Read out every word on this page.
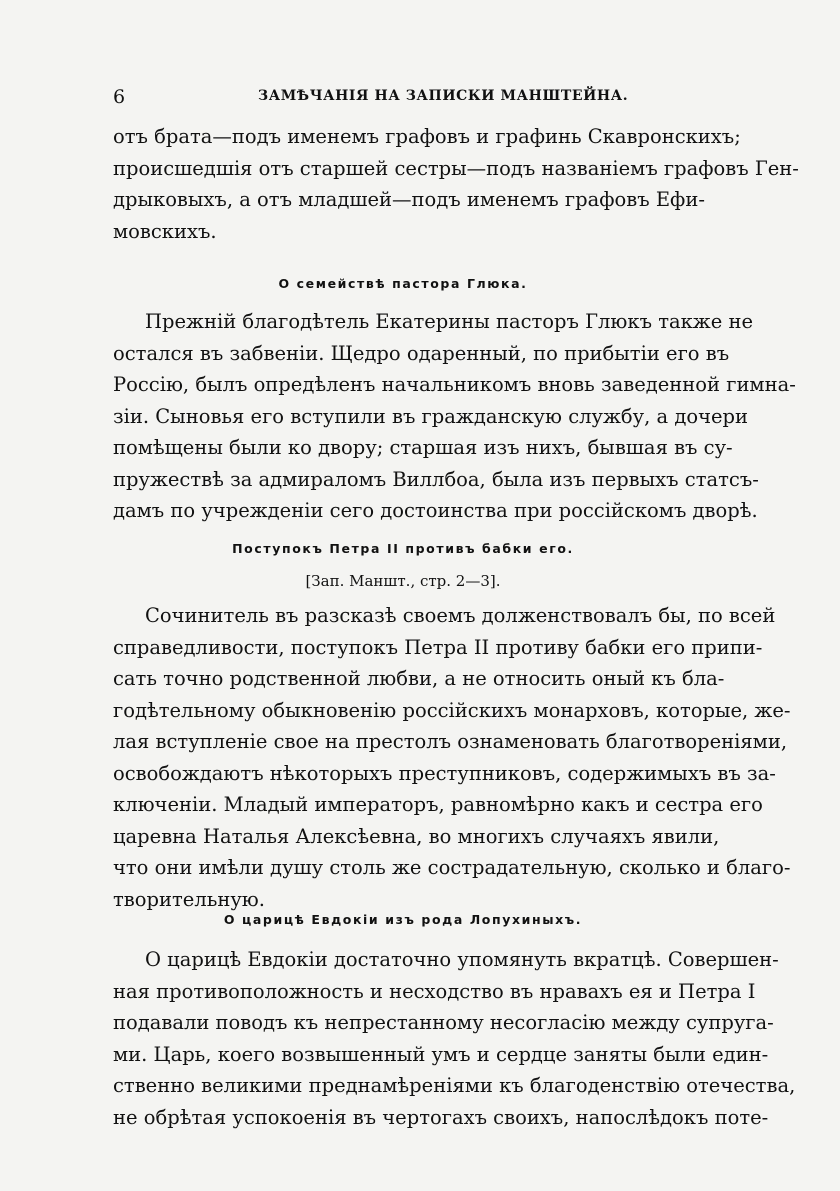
6	ЗАМѢЧАНІЯ НА ЗАПИСКИ МАНШТЕЙНА.
отъ брата—подъ именемъ графовъ и графинь Скавронскихъ;
происшедшія отъ старшей сестры—подъ названіемъ графовъ Ген-
дрыковыхъ, а отъ младшей—подъ именемъ графовъ Ефи-
мовскихъ.
О семействѣ пастора Глюка.
Прежній благодѣтель Екатерины пасторъ Глюкъ также не
остался въ забвеніи. Щедро одаренный, по прибытіи его въ
Россію, былъ опредѣленъ начальникомъ вновь заведенной гимна-
зіи. Сыновья его вступили въ гражданскую службу, а дочери
помѣщены были ко двору; старшая изъ нихъ, бывшая въ су-
пружествѣ за адмираломъ Виллбоа, была изъ первыхъ статсъ-
дамъ по учрежденіи сего достоинства при россійскомъ дворѣ.
Поступокъ Петра II противъ бабки его.
[Зап. Маншт., стр. 2—3].
Сочинитель въ разсказѣ своемъ долженствовалъ бы, по всей
справедливости, поступокъ Петра II противу бабки его припи-
сать точно родственной любви, а не относить оный къ бла-
годѣтельному обыкновенію россійскихъ монарховъ, которые, же-
лая вступленіе свое на престолъ ознаменовать благотвореніями,
освобождаютъ нѣкоторыхъ преступниковъ, содержимыхъ въ за-
ключеніи. Младый императоръ, равномѣрно какъ и сестра его
царевна Наталья Алексѣевна, во многихъ случаяхъ явили,
что они имѣли душу столь же сострадательную, сколько и благо-
творительную.
О царицѣ Евдокіи изъ рода Лопухиныхъ.
О царицѣ Евдокіи достаточно упомянуть вкратцѣ. Совершен-
ная противоположность и несходство въ нравахъ ея и Петра I
подавали поводъ къ непрестанному несогласію между супруга-
ми. Царь, коего возвышенный умъ и сердце заняты были един-
ственно великими преднамѣреніями къ благоденствію отечества,
не обрѣтая успокоенія въ чертогахъ своихъ, напослѣдокъ поте-
